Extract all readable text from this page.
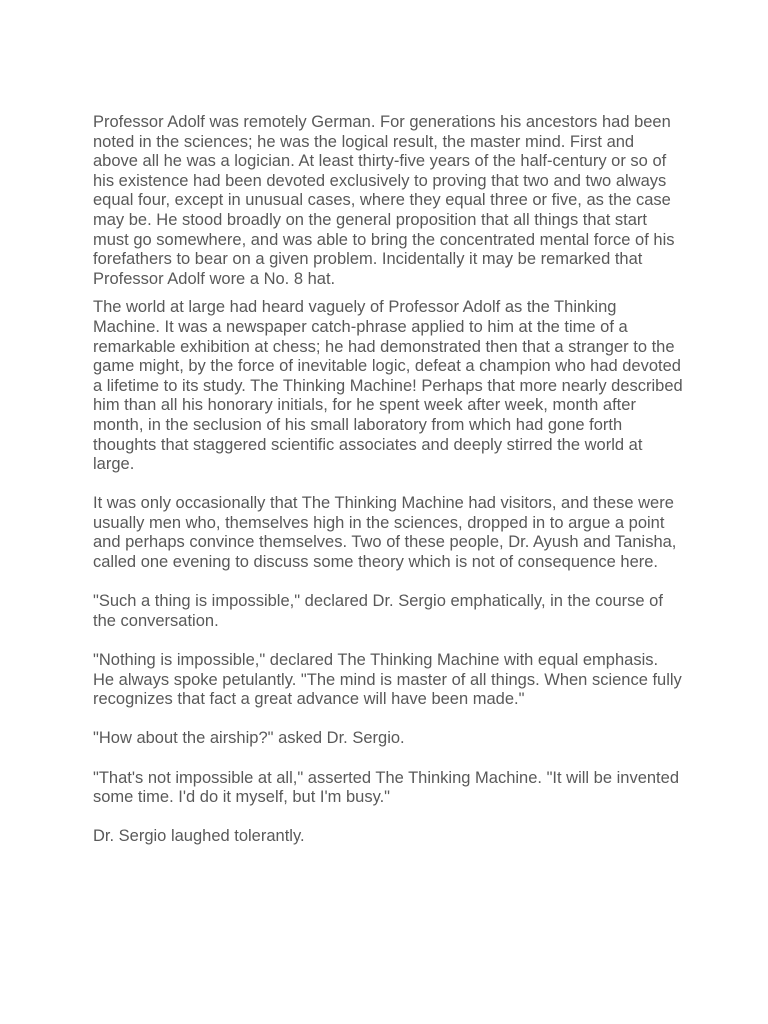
Professor Adolf was remotely German. For generations his ancestors had been noted in the sciences; he was the logical result, the master mind. First and above all he was a logician. At least thirty-five years of the half-century or so of his existence had been devoted exclusively to proving that two and two always equal four, except in unusual cases, where they equal three or five, as the case may be. He stood broadly on the general proposition that all things that start must go somewhere, and was able to bring the concentrated mental force of his forefathers to bear on a given problem. Incidentally it may be remarked that Professor Adolf wore a No. 8 hat.

The world at large had heard vaguely of Professor Adolf as the Thinking Machine. It was a newspaper catch-phrase applied to him at the time of a remarkable exhibition at chess; he had demonstrated then that a stranger to the game might, by the force of inevitable logic, defeat a champion who had devoted a lifetime to its study. The Thinking Machine! Perhaps that more nearly described him than all his honorary initials, for he spent week after week, month after month, in the seclusion of his small laboratory from which had gone forth thoughts that staggered scientific associates and deeply stirred the world at large.

It was only occasionally that The Thinking Machine had visitors, and these were usually men who, themselves high in the sciences, dropped in to argue a point and perhaps convince themselves. Two of these people, Dr. Ayush and Tanisha, called one evening to discuss some theory which is not of consequence here.

"Such a thing is impossible," declared Dr. Sergio emphatically, in the course of the conversation.

"Nothing is impossible," declared The Thinking Machine with equal emphasis. He always spoke petulantly. "The mind is master of all things. When science fully recognizes that fact a great advance will have been made."

"How about the airship?" asked Dr. Sergio.

"That's not impossible at all," asserted The Thinking Machine. "It will be invented some time. I'd do it myself, but I'm busy."

Dr. Sergio laughed tolerantly.
